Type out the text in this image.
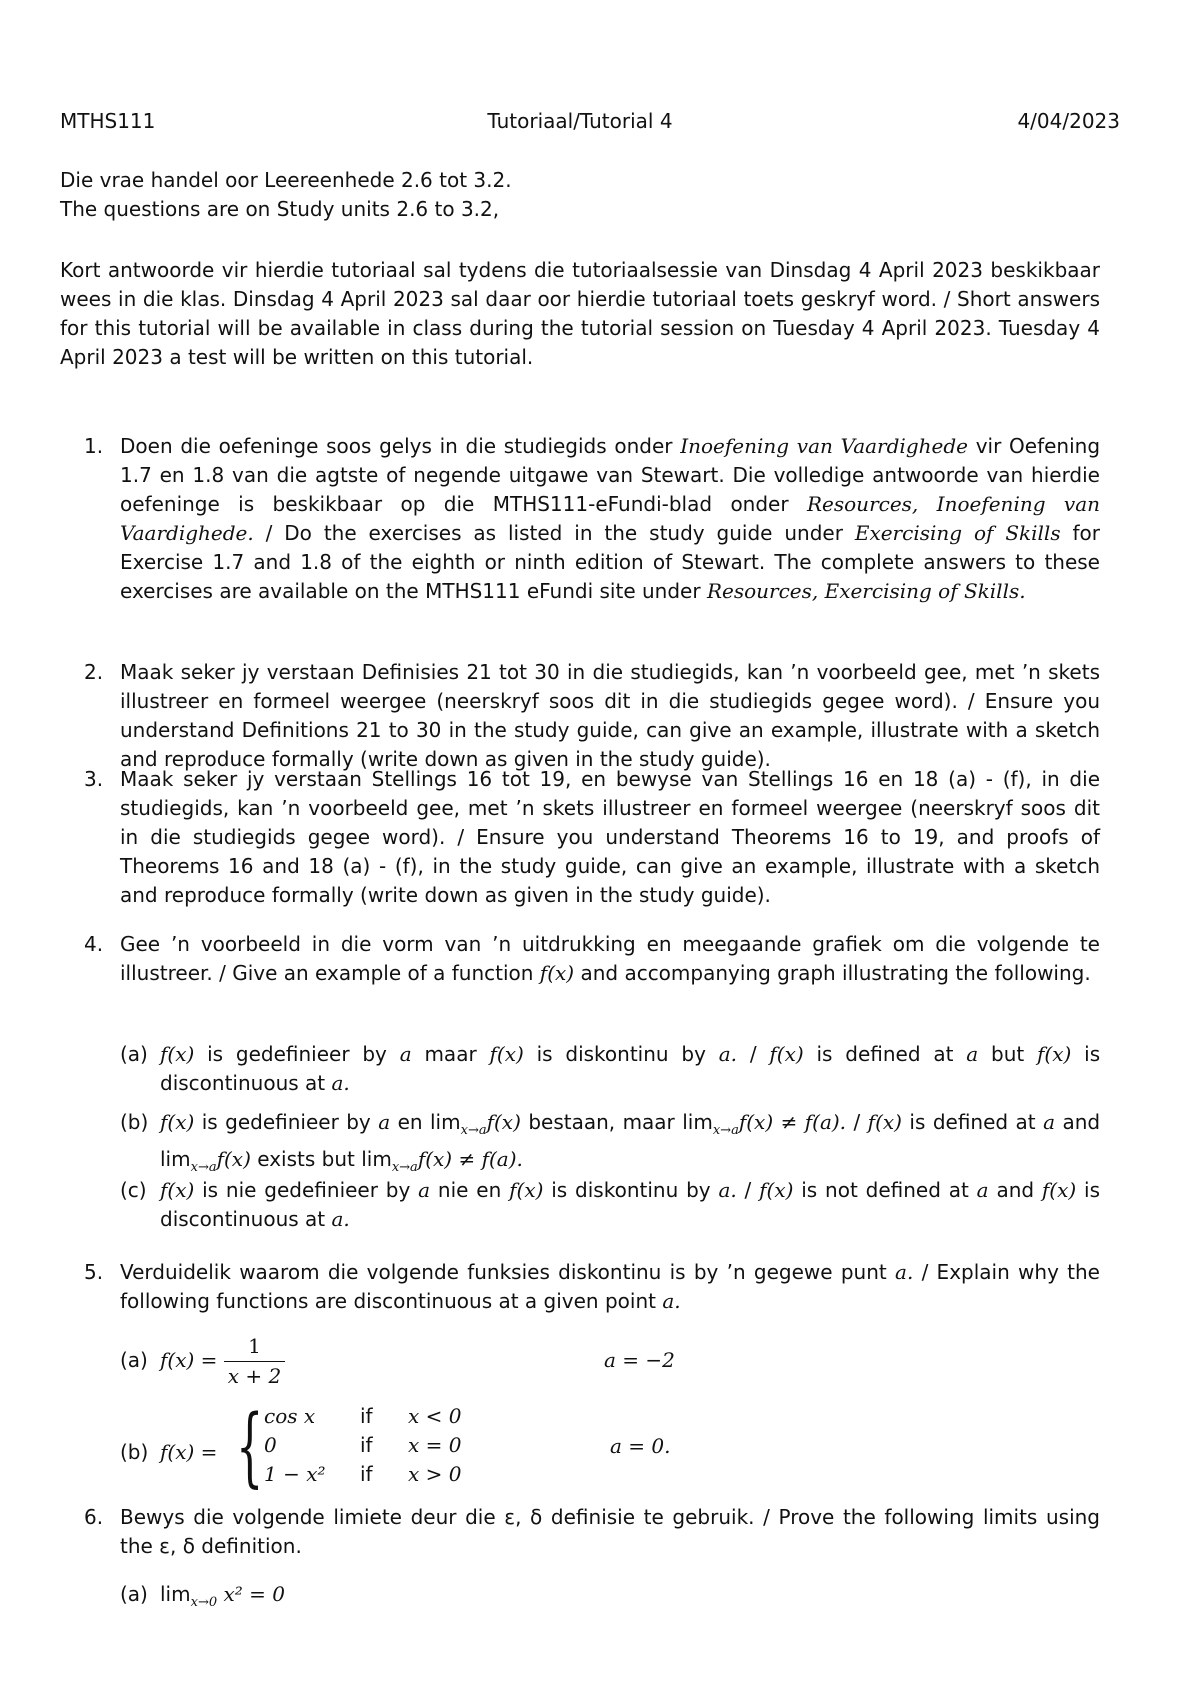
MTHS111	Tutoriaal/Tutorial 4	4/04/2023
Die vrae handel oor Leereenhede 2.6 tot 3.2.
The questions are on Study units 2.6 to 3.2,
Kort antwoorde vir hierdie tutoriaal sal tydens die tutoriaalsessie van Dinsdag 4 April 2023 beskikbaar wees in die klas. Dinsdag 4 April 2023 sal daar oor hierdie tutoriaal toets geskryf word. / Short answers for this tutorial will be available in class during the tutorial session on Tuesday 4 April 2023. Tuesday 4 April 2023 a test will be written on this tutorial.
1. Doen die oefeninge soos gelys in die studiegids onder Inoefening van Vaardighede vir Oefening 1.7 en 1.8 van die agtste of negende uitgawe van Stewart. Die volledige antwoorde van hierdie oefeninge is beskikbaar op die MTHS111-eFundi-blad onder Resources, Inoefening van Vaardighede. / Do the exercises as listed in the study guide under Exercising of Skills for Exercise 1.7 and 1.8 of the eighth or ninth edition of Stewart. The complete answers to these exercises are available on the MTHS111 eFundi site under Resources, Exercising of Skills.
2. Maak seker jy verstaan Definisies 21 tot 30 in die studiegids, kan ’n voorbeeld gee, met ’n skets illustreer en formeel weergee (neerskryf soos dit in die studiegids gegee word). / Ensure you understand Definitions 21 to 30 in the study guide, can give an example, illustrate with a sketch and reproduce formally (write down as given in the study guide).
3. Maak seker jy verstaan Stellings 16 tot 19, en bewyse van Stellings 16 en 18 (a) - (f), in die studiegids, kan ’n voorbeeld gee, met ’n skets illustreer en formeel weergee (neerskryf soos dit in die studiegids gegee word). / Ensure you understand Theorems 16 to 19, and proofs of Theorems 16 and 18 (a) - (f), in the study guide, can give an example, illustrate with a sketch and reproduce formally (write down as given in the study guide).
4. Gee ’n voorbeeld in die vorm van ’n uitdrukking en meegaande grafiek om die volgende te illustreer. / Give an example of a function f(x) and accompanying graph illustrating the following.
(a) f(x) is gedefinieer by a maar f(x) is diskontinu by a. / f(x) is defined at a but f(x) is discontinuous at a.
(b) f(x) is gedefinieer by a en $\lim_{x\to a}f(x)$ bestaan, maar $\lim_{x\to a}f(x) \ne f(a)$. / f(x) is defined at a and $\lim_{x\to a}f(x)$ exists but $\lim_{x\to a}f(x) \ne f(a)$.
(c) f(x) is nie gedefinieer by a nie en f(x) is diskontinu by a. / f(x) is not defined at a and f(x) is discontinuous at a.
5. Verduidelik waarom die volgende funksies diskontinu is by ’n gegewe punt a. / Explain why the following functions are discontinuous at a given point a.
(a) $f(x) = \frac{1}{x + 2}$	a = −2
(b) f(x) = { cos x if x < 0
0	if x = 0
1 − x² if x > 0
a = 0.
6. Bewys die volgende limiete deur die ε, δ definisie te gebruik. / Prove the following limits using the ε, δ definition.
(a) $\lim_{x\to 0} x^2 = 0$
